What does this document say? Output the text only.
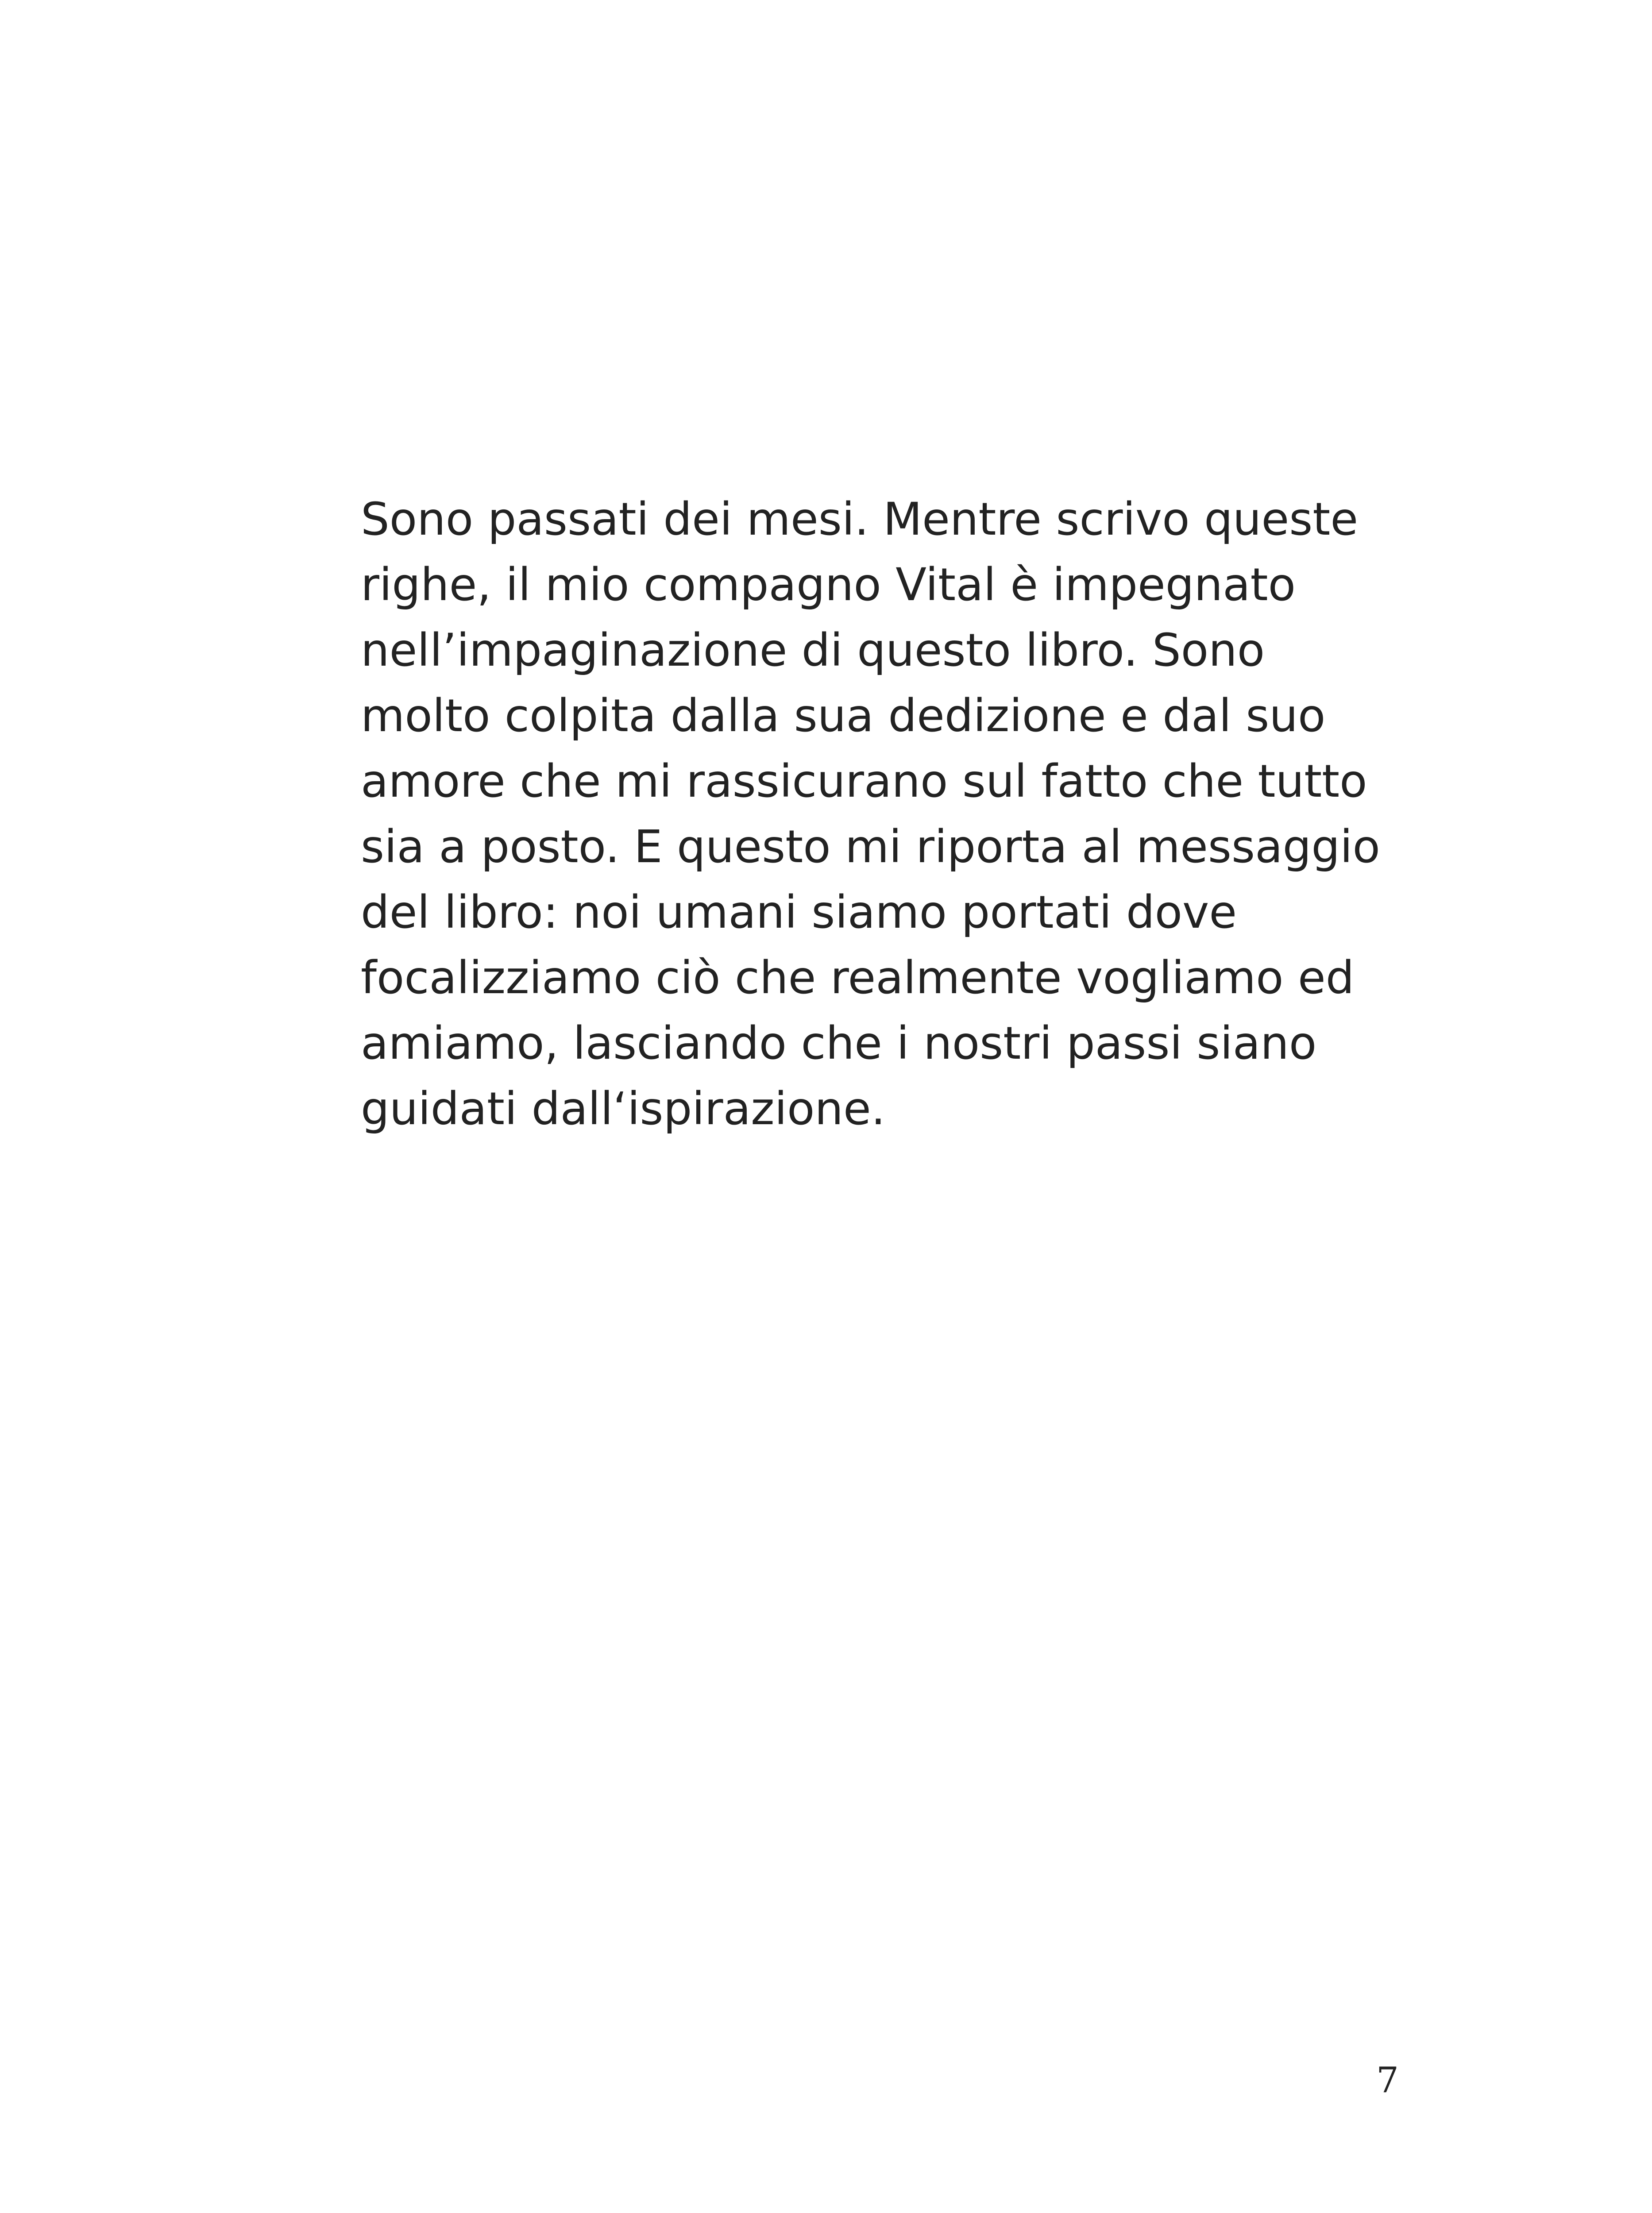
Sono passati dei mesi. Mentre scrivo queste
righe, il mio compagno Vital è impegnato
nell’impaginazione di questo libro. Sono
molto colpita dalla sua dedizione e dal suo
amore che mi rassicurano sul fatto che tutto
sia a posto. E questo mi riporta al messaggio
del libro: noi umani siamo portati dove
focalizziamo ciò che realmente vogliamo ed
amiamo, lasciando che i nostri passi siano
guidati dall‘ispirazione.

7
